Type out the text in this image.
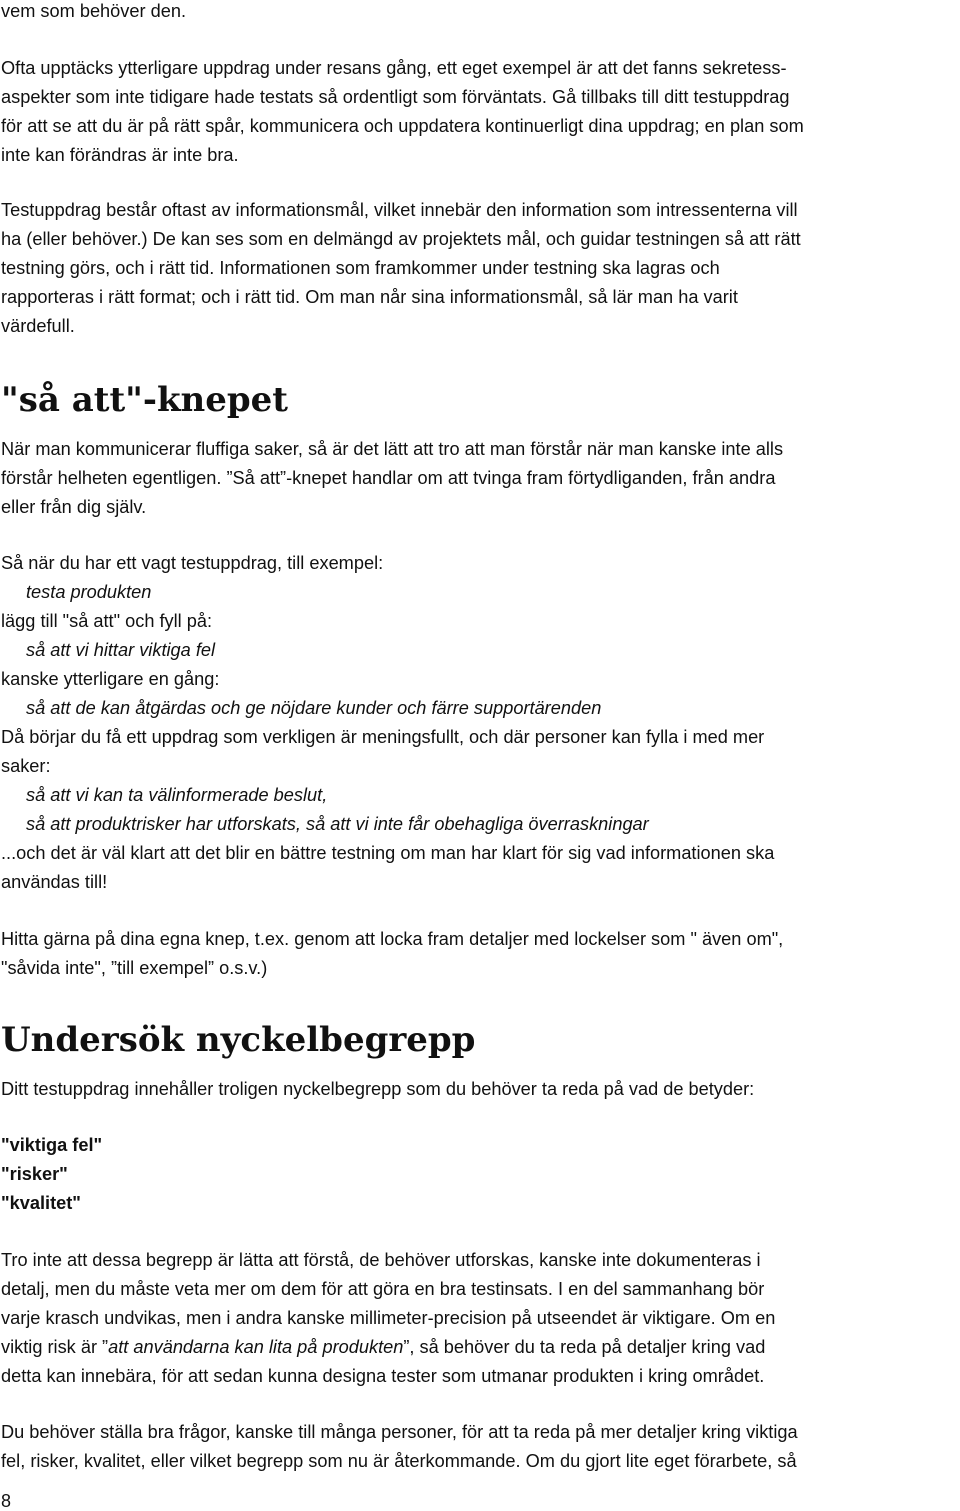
vem som behöver den.

Ofta upptäcks ytterligare uppdrag under resans gång, ett eget exempel är att det fanns sekretess-

aspekter som inte tidigare hade testats så ordentligt som förväntats. Gå tillbaks till ditt testuppdrag

för att se att du är på rätt spår, kommunicera och uppdatera kontinuerligt dina uppdrag; en plan som

inte kan förändras är inte bra.

Testuppdrag består oftast av informationsmål, vilket innebär den information som intressenterna vill

ha (eller behöver.) De kan ses som en delmängd av projektets mål, och guidar testningen så att rätt

testning görs, och i rätt tid. Informationen som framkommer under testning ska lagras och

rapporteras i rätt format; och i rätt tid. Om man når sina informationsmål, så lär man ha varit

värdefull.

"så att"-knepet

När man kommunicerar fluffiga saker, så är det lätt att tro att man förstår när man kanske inte alls

förstår helheten egentligen. ”Så att”-knepet handlar om att tvinga fram förtydliganden, från andra

eller från dig själv.

Så när du har ett vagt testuppdrag, till exempel:

testa produkten

lägg till "så att" och fyll på:

så att vi hittar viktiga fel

kanske ytterligare en gång:

så att de kan åtgärdas och ge nöjdare kunder och färre supportärenden

Då börjar du få ett uppdrag som verkligen är meningsfullt, och där personer kan fylla i med mer

saker:

så att vi kan ta välinformerade beslut,

så att produktrisker har utforskats, så att vi inte får obehagliga överraskningar

...och det är väl klart att det blir en bättre testning om man har klart för sig vad informationen ska

användas till!

Hitta gärna på dina egna knep, t.ex. genom att locka fram detaljer med lockelser som " även om",

"såvida inte", ”till exempel” o.s.v.)

Undersök nyckelbegrepp

Ditt testuppdrag innehåller troligen nyckelbegrepp som du behöver ta reda på vad de betyder:

"viktiga fel"

"risker"

"kvalitet"

Tro inte att dessa begrepp är lätta att förstå, de behöver utforskas, kanske inte dokumenteras i

detalj, men du måste veta mer om dem för att göra en bra testinsats. I en del sammanhang bör

varje krasch undvikas, men i andra kanske millimeter-precision på utseendet är viktigare. Om en

viktig risk är ”att användarna kan lita på produkten”, så behöver du ta reda på detaljer kring vad

detta kan innebära, för att sedan kunna designa tester som utmanar produkten i kring området.

Du behöver ställa bra frågor, kanske till många personer, för att ta reda på mer detaljer kring viktiga

fel, risker, kvalitet, eller vilket begrepp som nu är återkommande. Om du gjort lite eget förarbete, så

8
